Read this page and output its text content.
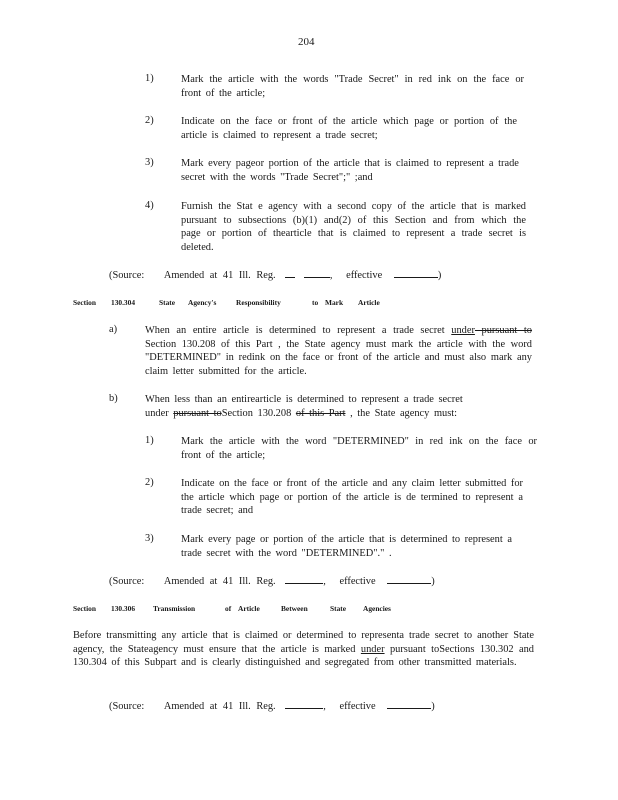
204
1)	Mark the article with the words "Trade Secret" in red ink on the face or front of the article;
2)	Indicate on the face or front of the article which page or portion of the article is claimed to represent a trade secret;
3)	Mark every pageor portion of the article that is claimed to represent a trade secret with the words "Trade Secret";" ;and
4)	Furnish the Stat e agency with a second copy of the article that is marked pursuant to subsections (b)(1) and(2) of this Section and from which the page or portion of thearticle that is claimed to represent a trade secret is deleted.
(Source: Amended at 41 Ill. Reg.	, effective	)
Section 130.304	State Agency's	Responsibility	to Mark Article
a)	When an entire article is determined to represent a trade secret under pursuant to Section 130.208 of this Part , the State agency must mark the article with the word "DETERMINED" in redink on the face or front of the article and must also mark any claim letter submitted for the article.
b)	When less than an entirearticle is determined to represent a trade secret under pursuant toSection 130.208 of this Part , the State agency must:
1)	Mark the article with the word "DETERMINED" in red ink on the face or front of the article;
2)	Indicate on the face or front of the article and any claim letter submitted for the article which page or portion of the article is de termined to represent a trade secret; and
3)	Mark every page or portion of the article that is determined to represent a trade secret with the word "DETERMINED"." .
(Source: Amended at 41 Ill. Reg.	, effective	)
Section 130.306 Transmission	of Article	Between	State Agencies
Before transmitting any article that is claimed or determined to representa trade secret to another State agency, the Stateagency must ensure that the article is marked under pursuant toSections 130.302 and 130.304 of this Subpart and is clearly distinguished and segregated from other transmitted materials.
(Source: Amended at 41 Ill. Reg.	, effective	)
